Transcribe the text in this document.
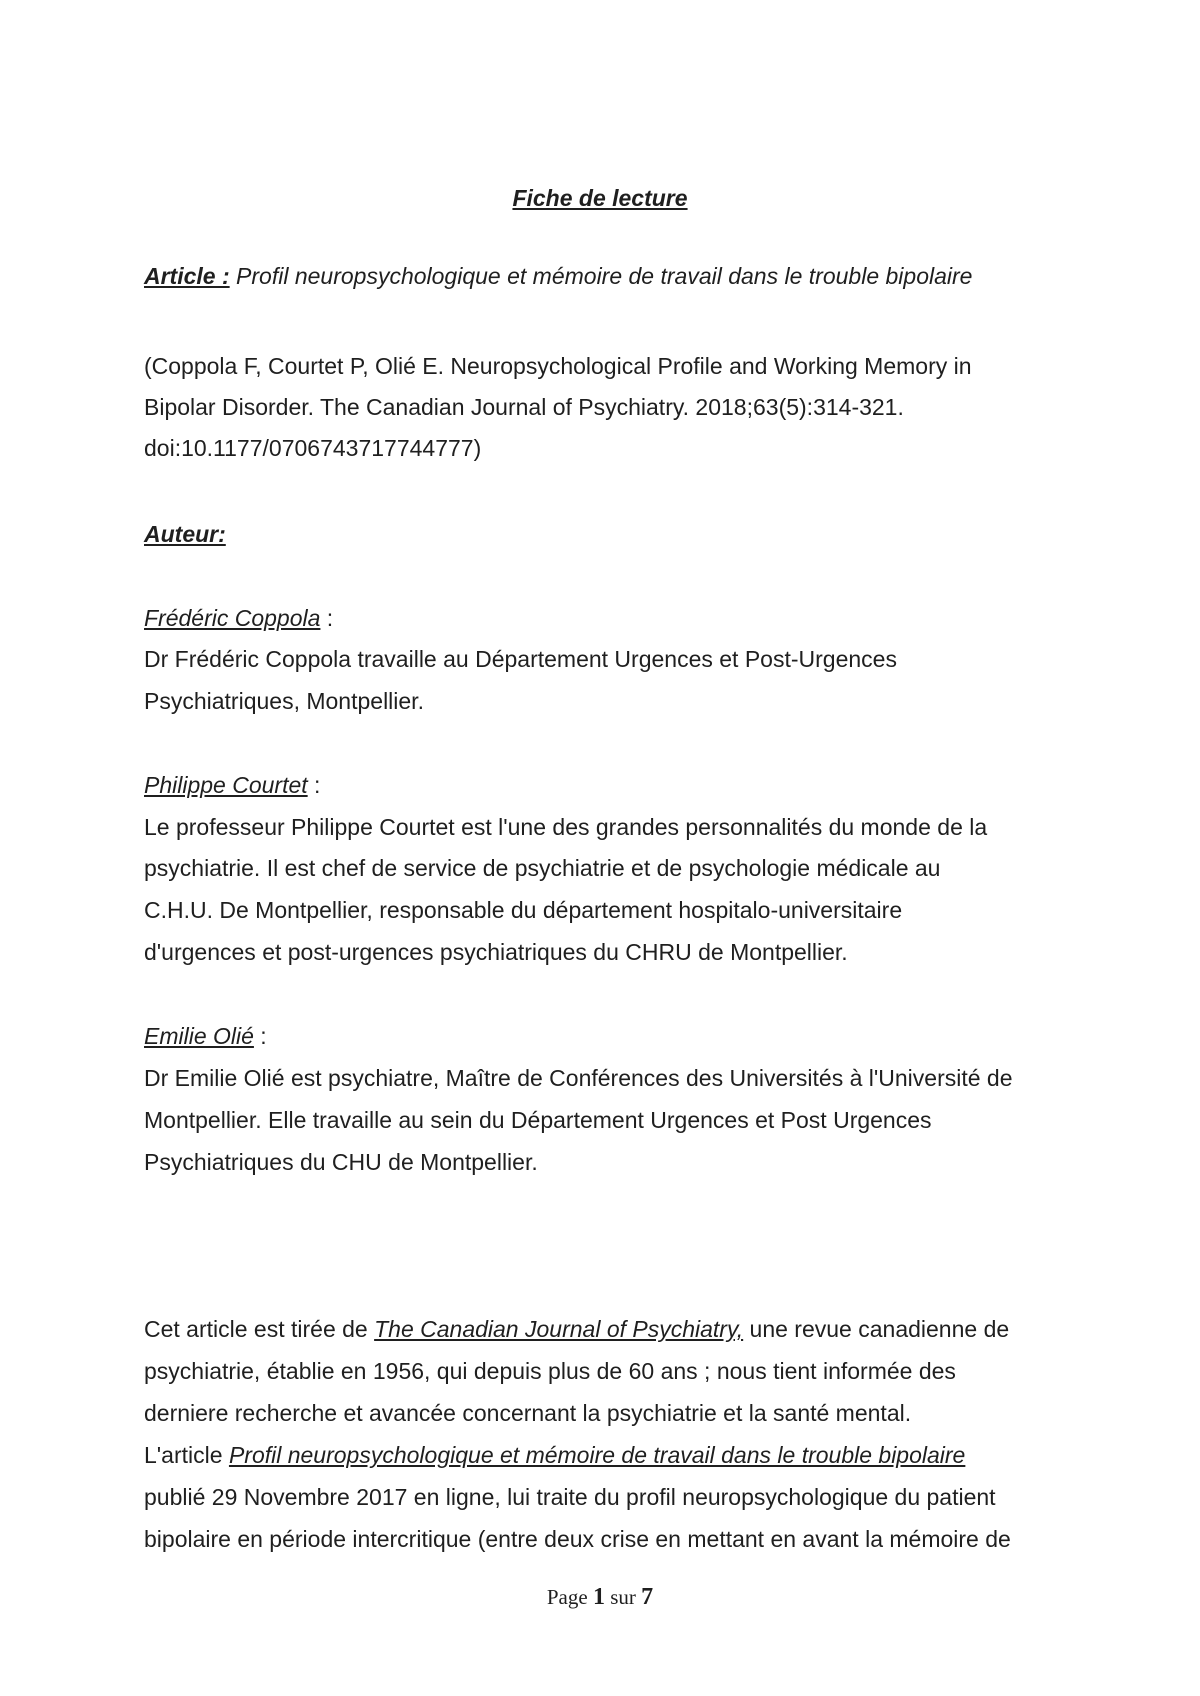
Fiche de lecture
Article : Profil neuropsychologique et mémoire de travail dans le trouble bipolaire
(Coppola F, Courtet P, Olié E. Neuropsychological Profile and Working Memory in
Bipolar Disorder. The Canadian Journal of Psychiatry. 2018;63(5):314-321.
doi:10.1177/0706743717744777)
Auteur:
Frédéric Coppola :
Dr Frédéric Coppola travaille au Département Urgences et Post-Urgences
Psychiatriques, Montpellier.
Philippe Courtet :
Le professeur Philippe Courtet est l'une des grandes personnalités du monde de la
psychiatrie. Il est chef de service de psychiatrie et de psychologie médicale au
C.H.U. De Montpellier, responsable du département hospitalo-universitaire
d'urgences et post-urgences psychiatriques du CHRU de Montpellier.
Emilie Olié :
Dr Emilie Olié est psychiatre, Maître de Conférences des Universités à l'Université de
Montpellier. Elle travaille au sein du Département Urgences et Post Urgences
Psychiatriques du CHU de Montpellier.
Cet article est tirée de The Canadian Journal of Psychiatry, une revue canadienne de
psychiatrie, établie en 1956, qui depuis plus de 60 ans ; nous tient informée des
derniere recherche et avancée concernant la psychiatrie et la santé mental.
L'article Profil neuropsychologique et mémoire de travail dans le trouble bipolaire
publié 29 Novembre 2017 en ligne, lui traite du profil neuropsychologique du patient
bipolaire en période intercritique (entre deux crise en mettant en avant la mémoire de
Page 1 sur 7
